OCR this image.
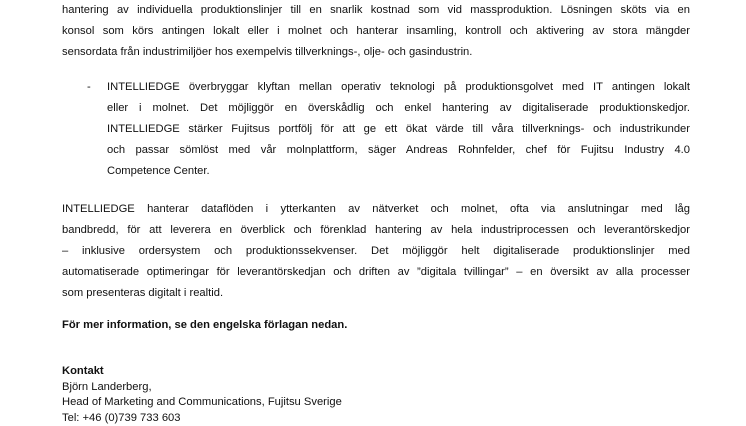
hantering av individuella produktionslinjer till en snarlik kostnad som vid massproduktion. Lösningen sköts via en
konsol som körs antingen lokalt eller i molnet och hanterar insamling, kontroll och aktivering av stora mängder
sensordata från industrimiljöer hos exempelvis tillverknings-, olje- och gasindustrin.

- INTELLIEDGE överbryggar klyftan mellan operativ teknologi på produktionsgolvet med IT antingen lokalt
eller i molnet. Det möjliggör en överskådlig och enkel hantering av digitaliserade produktionskedjor.
INTELLIEDGE stärker Fujitsus portfölj för att ge ett ökat värde till våra tillverknings- och industrikunder
och passar sömlöst med vår molnplattform, säger Andreas Rohnfelder, chef för Fujitsu Industry 4.0
Competence Center.

INTELLIEDGE hanterar dataflöden i ytterkanten av nätverket och molnet, ofta via anslutningar med låg
bandbredd, för att leverera en överblick och förenklad hantering av hela industriprocessen och leverantörskedjor
– inklusive ordersystem och produktionssekvenser. Det möjliggör helt digitaliserade produktionslinjer med
automatiserade optimeringar för leverantörskedjan och driften av ”digitala tvillingar” – en översikt av alla processer
som presenteras digitalt i realtid.

För mer information, se den engelska förlagan nedan.
Kontakt
Björn Landerberg,
Head of Marketing and Communications, Fujitsu Sverige
Tel: +46 (0)739 733 603
